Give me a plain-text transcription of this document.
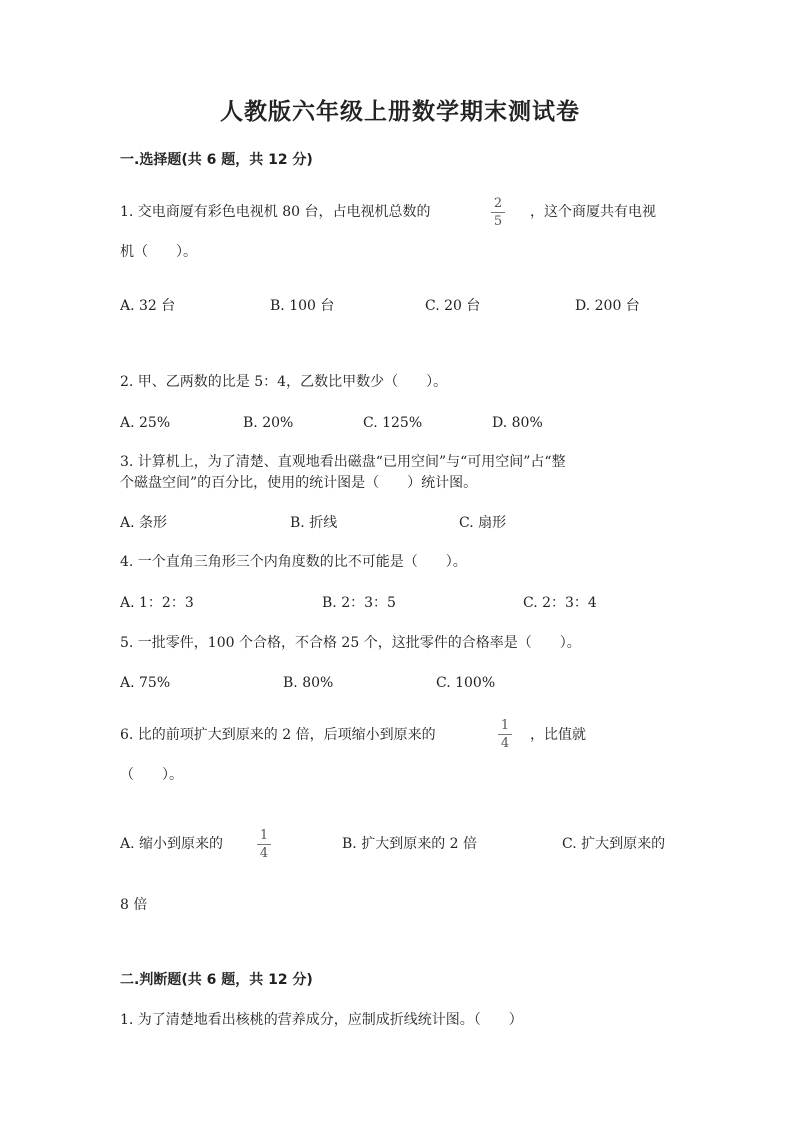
人教版六年级上册数学期末测试卷
一.选择题(共 6 题，共 12 分)
1. 交电商厦有彩色电视机 80 台，占电视机总数的
2
5
，这个商厦共有电视
机（　　）。
A. 32 台	B. 100 台	C. 20 台	D. 200 台
2. 甲、乙两数的比是 5：4，乙数比甲数少（　　）。
A. 25%	B. 20%	C. 125%	D. 80%
3. 计算机上，为了清楚、直观地看出磁盘“已用空间”与“可用空间”占“整
个磁盘空间”的百分比，使用的统计图是（　　）统计图。
A. 条形	B. 折线	C. 扇形
4. 一个直角三角形三个内角度数的比不可能是（　　）。
A. 1：2：3	B. 2：3：5	C. 2：3：4
5. 一批零件，100 个合格，不合格 25 个，这批零件的合格率是（　　）。
A. 75%	B. 80%	C. 100%
6. 比的前项扩大到原来的 2 倍，后项缩小到原来的
1
4
，比值就
（　　）。
A. 缩小到原来的
1
4
B. 扩大到原来的 2 倍	C. 扩大到原来的
8 倍
二.判断题(共 6 题，共 12 分)
1. 为了清楚地看出核桃的营养成分，应制成折线统计图。（　　）
